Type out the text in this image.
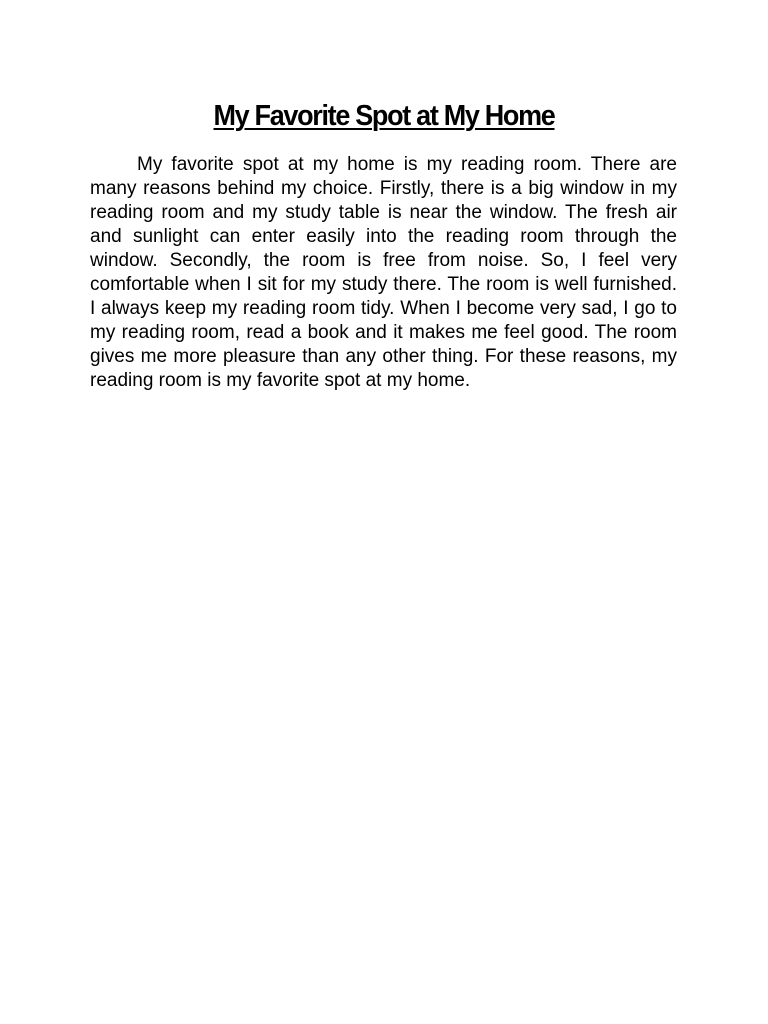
My Favorite Spot at My Home

My favorite spot at my home is my reading room. There are many reasons behind my choice. Firstly, there is a big window in my reading room and my study table is near the window. The fresh air and sunlight can enter easily into the reading room through the window. Secondly, the room is free from noise. So, I feel very comfortable when I sit for my study there. The room is well furnished. I always keep my reading room tidy. When I become very sad, I go to my reading room, read a book and it makes me feel good. The room gives me more pleasure than any other thing. For these reasons, my reading room is my favorite spot at my home.
